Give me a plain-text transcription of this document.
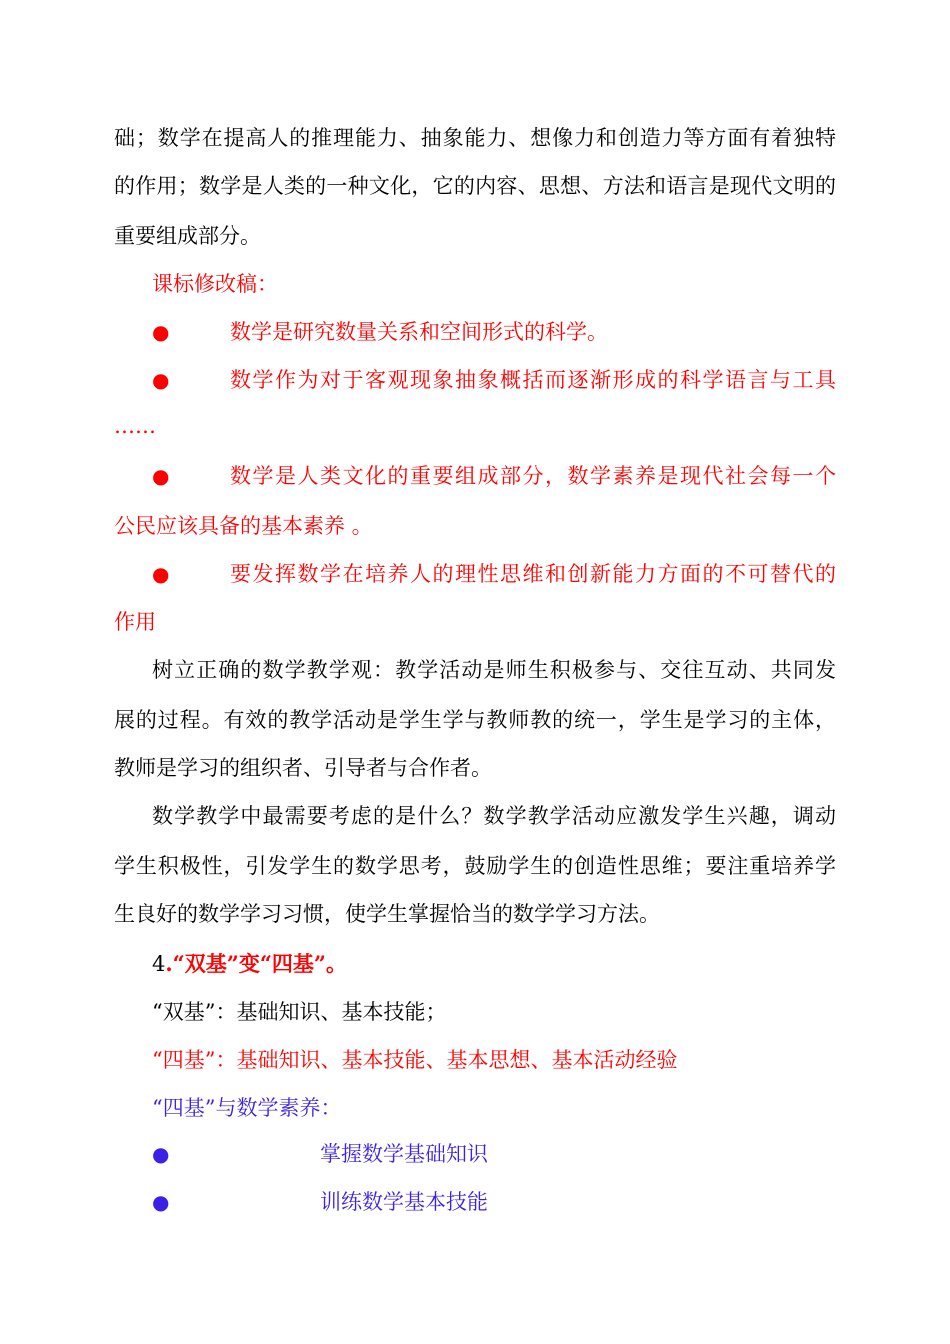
础；数学在提高人的推理能力、抽象能力、想像力和创造力等方面有着独特
的作用；数学是人类的一种文化，它的内容、思想、方法和语言是现代文明的
重要组成部分。
课标修改稿：
●	数学是研究数量关系和空间形式的科学。
●	数学作为对于客观现象抽象概括而逐渐形成的科学语言与工具
……
●	数学是人类文化的重要组成部分，数学素养是现代社会每一个
公民应该具备的基本素养 。
●	要发挥数学在培养人的理性思维和创新能力方面的不可替代的
作用
树立正确的数学教学观：教学活动是师生积极参与、交往互动、共同发
展的过程。有效的教学活动是学生学与教师教的统一，学生是学习的主体，
教师是学习的组织者、引导者与合作者。
数学教学中最需要考虑的是什么？数学教学活动应激发学生兴趣，调动
学生积极性，引发学生的数学思考，鼓励学生的创造性思维；要注重培养学
生良好的数学学习习惯，使学生掌握恰当的数学学习方法。
4.“双基”变“四基”。
“双基”：基础知识、基本技能；
“四基”：基础知识、基本技能、基本思想、基本活动经验
“四基”与数学素养：
●	掌握数学基础知识
●	训练数学基本技能
